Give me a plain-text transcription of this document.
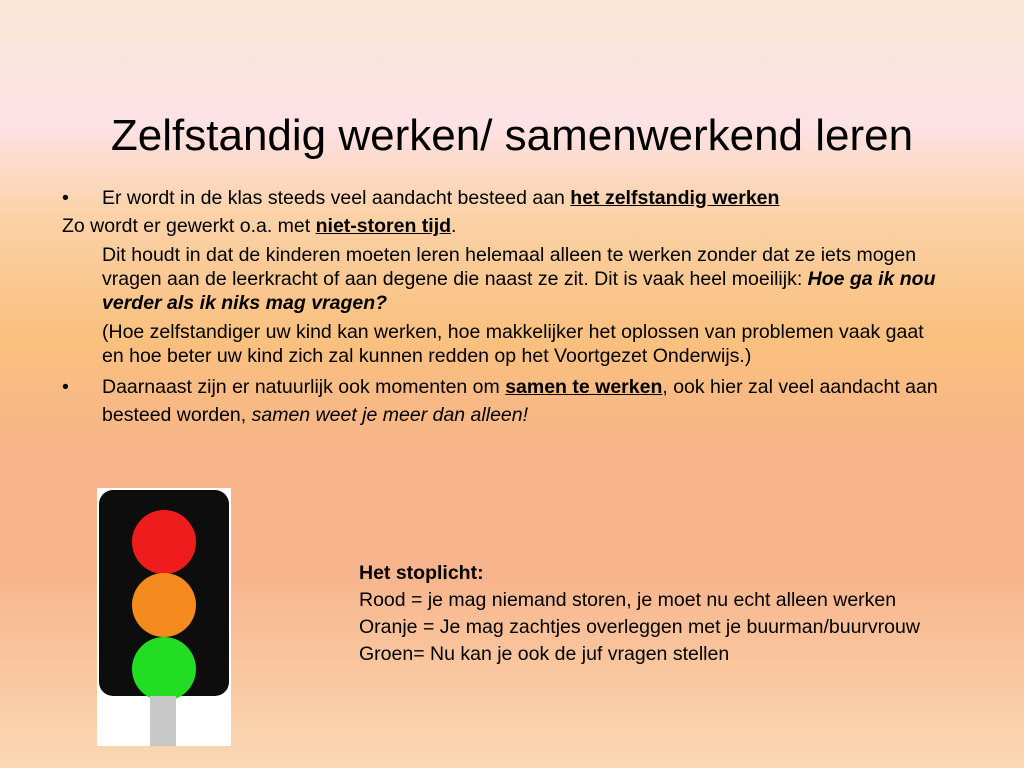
Zelfstandig werken/ samenwerkend leren
• Er wordt in de klas steeds veel aandacht besteed aan het zelfstandig werken
Zo wordt er gewerkt o.a. met niet-storen tijd.
Dit houdt in dat de kinderen moeten leren helemaal alleen te werken zonder dat ze iets mogen vragen aan de leerkracht of aan degene die naast ze zit. Dit is vaak heel moeilijk: Hoe ga ik nou verder als ik niks mag vragen?
(Hoe zelfstandiger uw kind kan werken, hoe makkelijker het oplossen van problemen vaak gaat en hoe beter uw kind zich zal kunnen redden op het Voortgezet Onderwijs.)
• Daarnaast zijn er natuurlijk ook momenten om samen te werken, ook hier zal veel aandacht aan besteed worden, samen weet je meer dan alleen!
Het stoplicht:
Rood = je mag niemand storen, je moet nu echt alleen werken
Oranje = Je mag zachtjes overleggen met je buurman/buurvrouw
Groen= Nu kan je ook de juf vragen stellen
